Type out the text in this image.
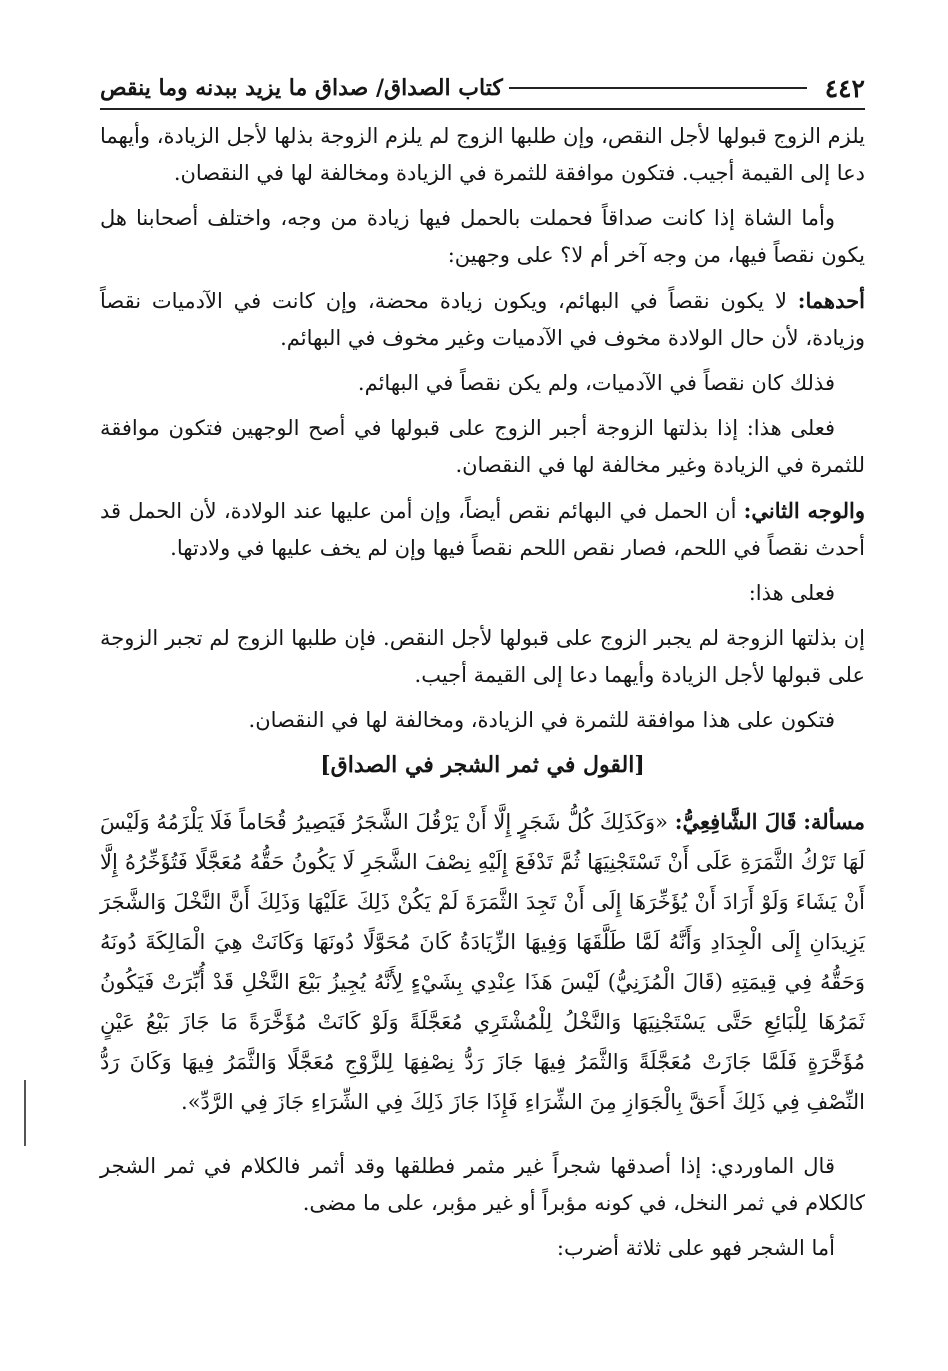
٤٤٢
كتاب الصداق/ صداق ما يزيد ببدنه وما ينقص

يلزم الزوج قبولها لأجل النقص، وإن طلبها الزوج لم يلزم الزوجة بذلها لأجل الزيادة، وأيهما دعا إلى القيمة أجيب. فتكون موافقة للثمرة في الزيادة ومخالفة لها في النقصان.

وأما الشاة إذا كانت صداقاً فحملت بالحمل فيها زيادة من وجه، واختلف أصحابنا هل يكون نقصاً فيها، من وجه آخر أم لا؟ على وجهين:

أحدهما: لا يكون نقصاً في البهائم، ويكون زيادة محضة، وإن كانت في الآدميات نقصاً وزيادة، لأن حال الولادة مخوف في الآدميات وغير مخوف في البهائم.

فذلك كان نقصاً في الآدميات، ولم يكن نقصاً في البهائم.

فعلى هذا: إذا بذلتها الزوجة أجبر الزوج على قبولها في أصح الوجهين فتكون موافقة للثمرة في الزيادة وغير مخالفة لها في النقصان.

والوجه الثاني: أن الحمل في البهائم نقص أيضاً، وإن أمن عليها عند الولادة، لأن الحمل قد أحدث نقصاً في اللحم، فصار نقص اللحم نقصاً فيها وإن لم يخف عليها في ولادتها.

فعلى هذا:

إن بذلتها الزوجة لم يجبر الزوج على قبولها لأجل النقص. فإن طلبها الزوج لم تجبر الزوجة على قبولها لأجل الزيادة وأيهما دعا إلى القيمة أجيب.

فتكون على هذا موافقة للثمرة في الزيادة، ومخالفة لها في النقصان.

[القول في ثمر الشجر في الصداق]

مسألة: قَالَ الشَّافِعِيُّ: «وَكَذَلِكَ كُلُّ شَجَرٍ إِلَّا أَنْ يَرْقُلَ الشَّجَرُ فَيَصِيرُ قُحَاماً فَلَا يَلْزَمُهُ وَلَيْسَ لَهَا تَرْكُ الثَّمَرَةِ عَلَى أَنْ تَسْتَجْنِيَهَا ثُمَّ تَدْفَعَ إِلَيْهِ نِصْفَ الشَّجَرِ لَا يَكُونُ حَقُّهُ مُعَجَّلًا فَتُؤَخِّرُهُ إِلَّا أَنْ يَشَاءَ وَلَوْ أَرَادَ أَنْ يُؤَخِّرَهَا إِلَى أَنْ تَجِدَ الثَّمَرَةَ لَمْ يَكُنْ ذَلِكَ عَلَيْهَا وَذَلِكَ أَنَّ النَّخْلَ وَالشَّجَرَ يَزِيدَانِ إِلَى الْجِدَادِ وَأَنَّهُ لَمَّا طَلَّقَهَا وَفِيهَا الزِّيَادَةُ كَانَ مُحَوَّلًا دُونَهَا وَكَانَتْ هِيَ الْمَالِكَةَ دُونَهُ وَحَقُّهُ فِي قِيمَتِهِ (قَالَ الْمُزَنِيُّ) لَيْسَ هَذَا عِنْدِي بِشَيْءٍ لِأَنَّهُ يُجِيزُ بَيْعَ النَّخْلِ قَدْ أُبِّرَتْ فَيَكُونُ ثَمَرُهَا لِلْبَائِعِ حَتَّى يَسْتَجْنِيَهَا وَالنَّخْلُ لِلْمُشْتَرِي مُعَجَّلَةً وَلَوْ كَانَتْ مُؤَخَّرَةً مَا جَازَ بَيْعُ عَيْنٍ مُؤَخَّرَةٍ فَلَمَّا جَازَتْ مُعَجَّلَةً وَالثَّمَرُ فِيهَا جَازَ رَدُّ نِصْفِهَا لِلزَّوْجِ مُعَجَّلًا وَالثَّمَرُ فِيهَا وَكَانَ رَدُّ النِّصْفِ فِي ذَلِكَ أَحَقَّ بِالْجَوَازِ مِنَ الشِّرَاءِ فَإِذَا جَازَ ذَلِكَ فِي الشِّرَاءِ جَازَ فِي الرَّدِّ».

قال الماوردي: إذا أصدقها شجراً غير مثمر فطلقها وقد أثمر فالكلام في ثمر الشجر كالكلام في ثمر النخل، في كونه مؤبراً أو غير مؤبر، على ما مضى.

أما الشجر فهو على ثلاثة أضرب:
